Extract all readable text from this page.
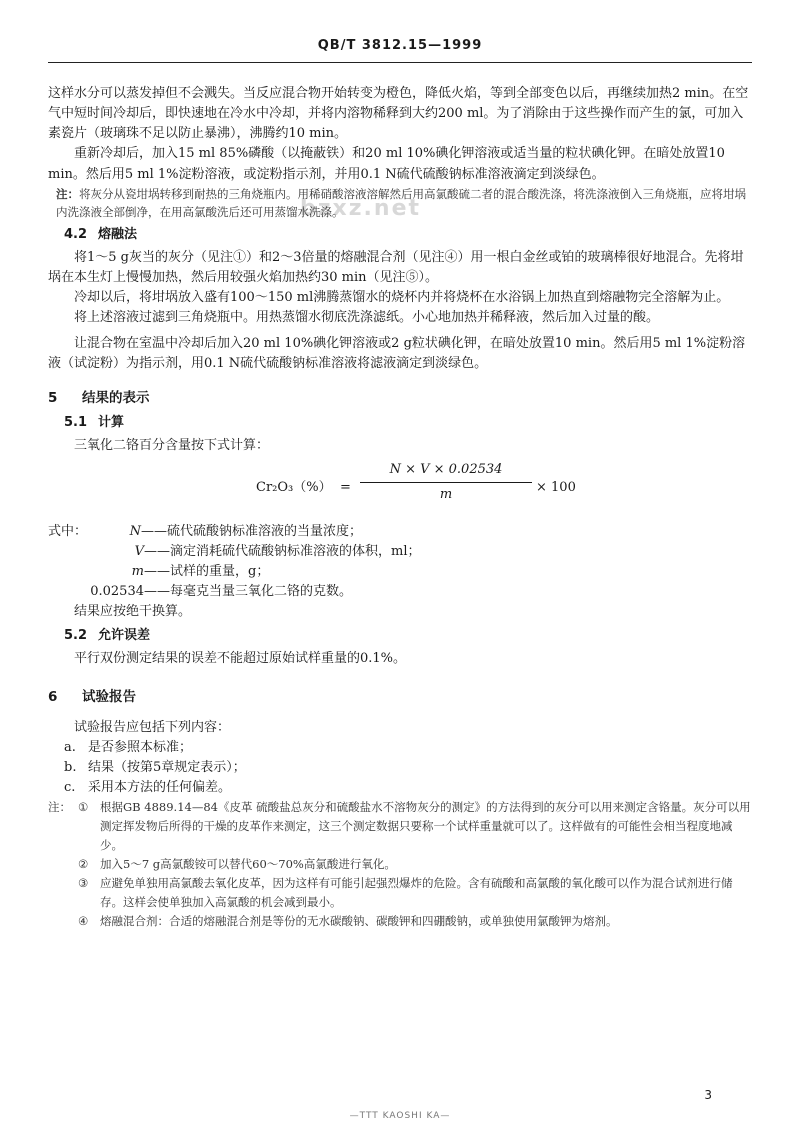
QB/T 3812.15—1999
bzxz.net

这样水分可以蒸发掉但不会溅失。当反应混合物开始转变为橙色，降低火焰，等到全部变色以后，再继续加热2 min。在空气中短时间冷却后，即快速地在冷水中冷却，并将内溶物稀释到大约200 ml。为了消除由于这些操作而产生的氯，可加入素瓷片（玻璃珠不足以防止暴沸），沸腾约10 min。

重新冷却后，加入15 ml 85%磷酸（以掩蔽铁）和20 ml 10%碘化钾溶液或适当量的粒状碘化钾。在暗处放置10 min。然后用5 ml 1%淀粉溶液，或淀粉指示剂，并用0.1 N硫代硫酸钠标准溶液滴定到淡绿色。

注：将灰分从瓷坩埚转移到耐热的三角烧瓶内。用稀硝酸溶液溶解然后用高氯酸硫二者的混合酸洗涤，将洗涤液倒入三角烧瓶，应将坩埚内洗涤液全部倒净，在用高氯酸洗后还可用蒸馏水洗涤。

4.2 熔融法

将1～5 g灰当的灰分（见注①）和2～3倍量的熔融混合剂（见注④）用一根白金丝或铂的玻璃棒很好地混合。先将坩埚在本生灯上慢慢加热，然后用较强火焰加热约30 min（见注⑤）。

冷却以后，将坩埚放入盛有100～150 ml沸腾蒸馏水的烧杯内并将烧杯在水浴锅上加热直到熔融物完全溶解为止。

将上述溶液过滤到三角烧瓶中。用热蒸馏水彻底洗涤滤纸。小心地加热并稀释液，然后加入过量的酸。

让混合物在室温中冷却后加入20 ml 10%碘化钾溶液或2 g粒状碘化钾，在暗处放置10 min。然后用5 ml 1%淀粉溶液（试淀粉）为指示剂，用0.1 N硫代硫酸钠标准溶液将滤液滴定到淡绿色。

5 结果的表示
5.1 计算

三氧化二铬百分含量按下式计算：

$Cr_2O_3(\%) = \frac{N \times V \times 0.02534}{m} \times 100$
式中：	N —— 硫代硫酸钠标准溶液的当量浓度；
V —— 滴定消耗硫代硫酸钠标准溶液的体积，ml；
m —— 试样的重量，g；
0.02534 —— 每毫克当量三氧化二铬的克数。

结果应按绝干换算。

5.2 允许误差

平行双份测定结果的误差不能超过原始试样重量的0.1%。

6 试验报告

试验报告应包括下列内容：

a. 是否参照本标准；
b. 结果（按第5章规定表示）；
c. 采用本方法的任何偏差。
注： ①	根据GB 4889.14—84《皮革 硫酸盐总灰分和硫酸盐水不溶物灰分的测定》的方法得到的灰分可以用来测定含铬量。灰分可以用测定挥发物后所得的干燥的皮革作来测定，这三个测定数据只要称一个试样重量就可以了。这样做有的可能性会相当程度地减少。
②	加入5～7 g高氯酸铵可以替代60～70%高氯酸进行氧化。
③	应避免单独用高氯酸去氧化皮革，因为这样有可能引起强烈爆炸的危险。含有硫酸和高氯酸的氧化酸可以作为混合试剂进行储存。这样会使单独加入高氯酸的机会减到最小。
④	熔融混合剂：合适的熔融混合剂是等份的无水碳酸钠、碳酸钾和四硼酸钠，或单独使用氯酸钾为熔剂。
3
—TTT KAOSHI KA—
